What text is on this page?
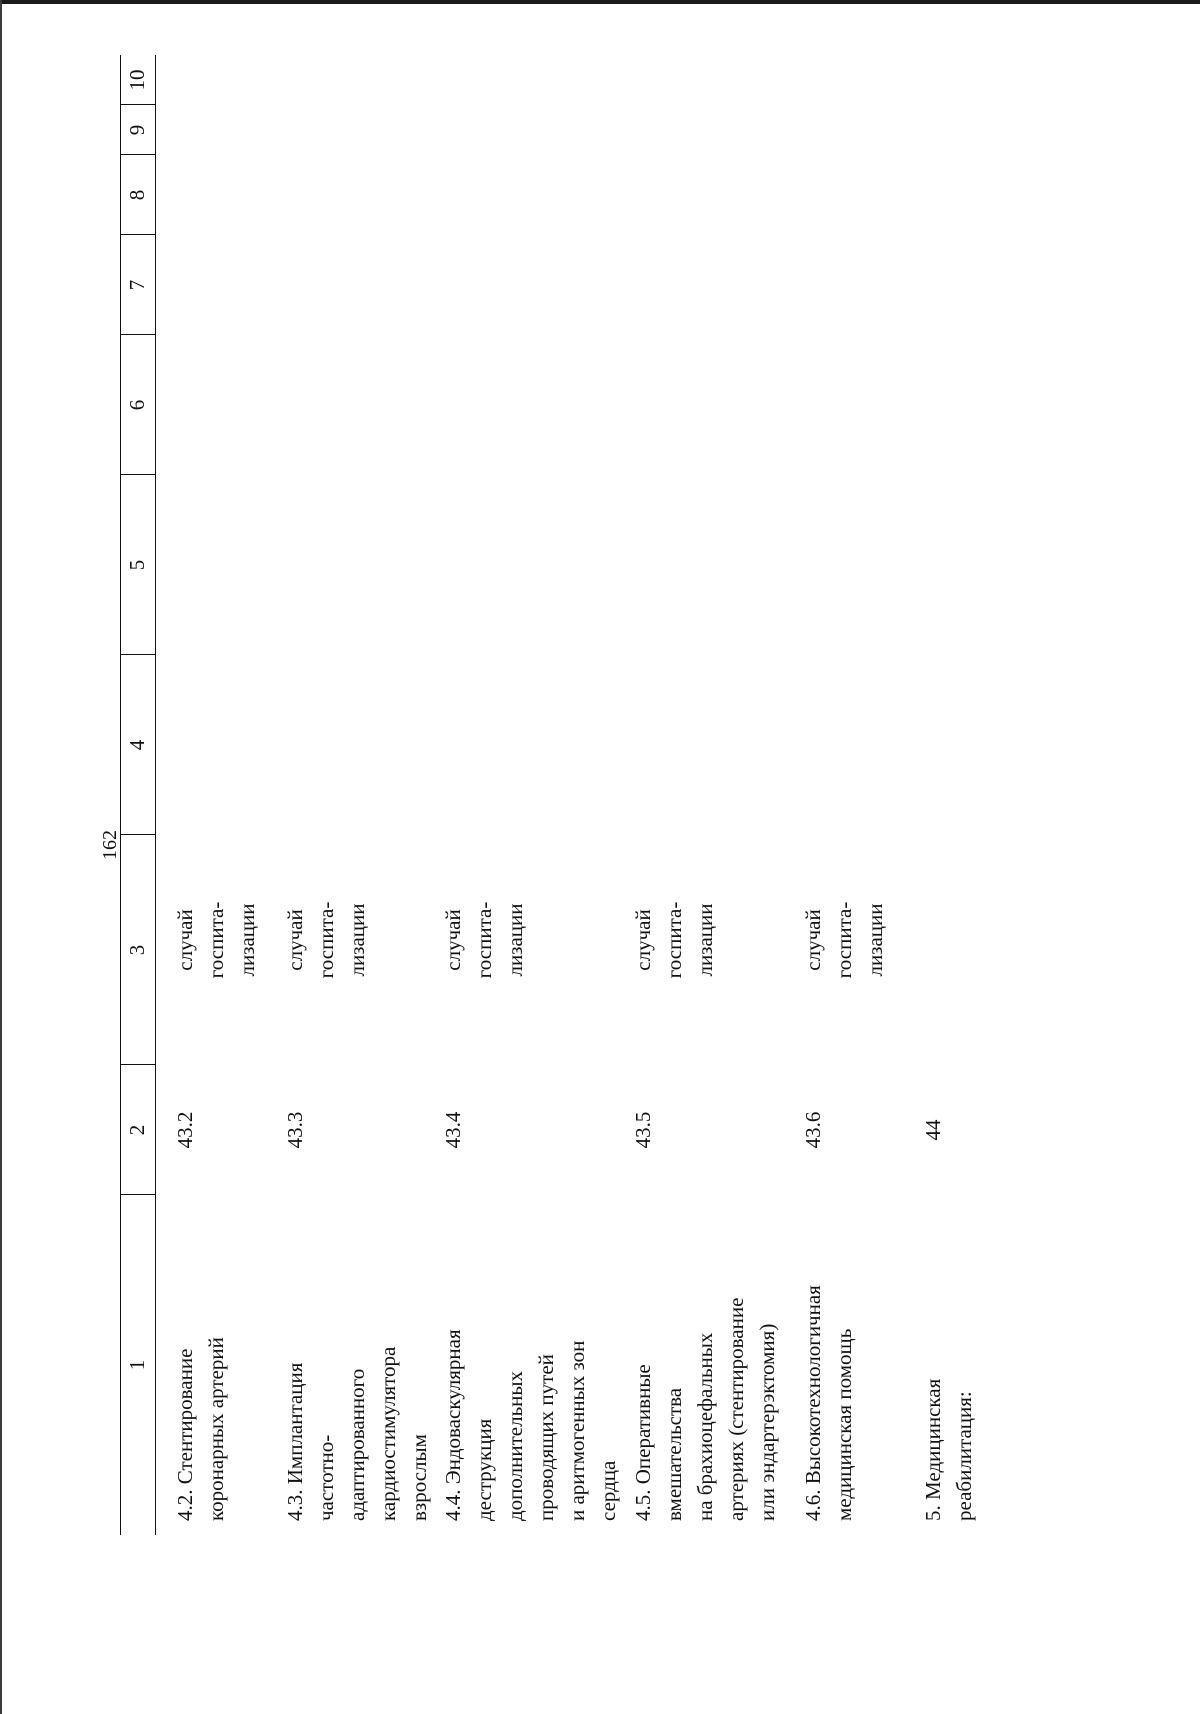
162
1
2
3
4
5
6
7
8
9
10
4.2. Стентирование
коронарных артерий
43.2
случай
госпита-
лизации
4.3. Имплантация
частотно-
адаптированного
кардиостимулятора
взрослым
43.3
случай
госпита-
лизации
4.4. Эндоваскулярная
деструкция
дополнительных
проводящих путей
и аритмогенных зон
сердца
43.4
случай
госпита-
лизации
4.5. Оперативные
вмешательства
на брахиоцефальных
артериях (стентирование
или эндартерэктомия)
43.5
случай
госпита-
лизации
4.6. Высокотехнологичная
медицинская помощь
43.6
случай
госпита-
лизации
5. Медицинская
реабилитация:
44
